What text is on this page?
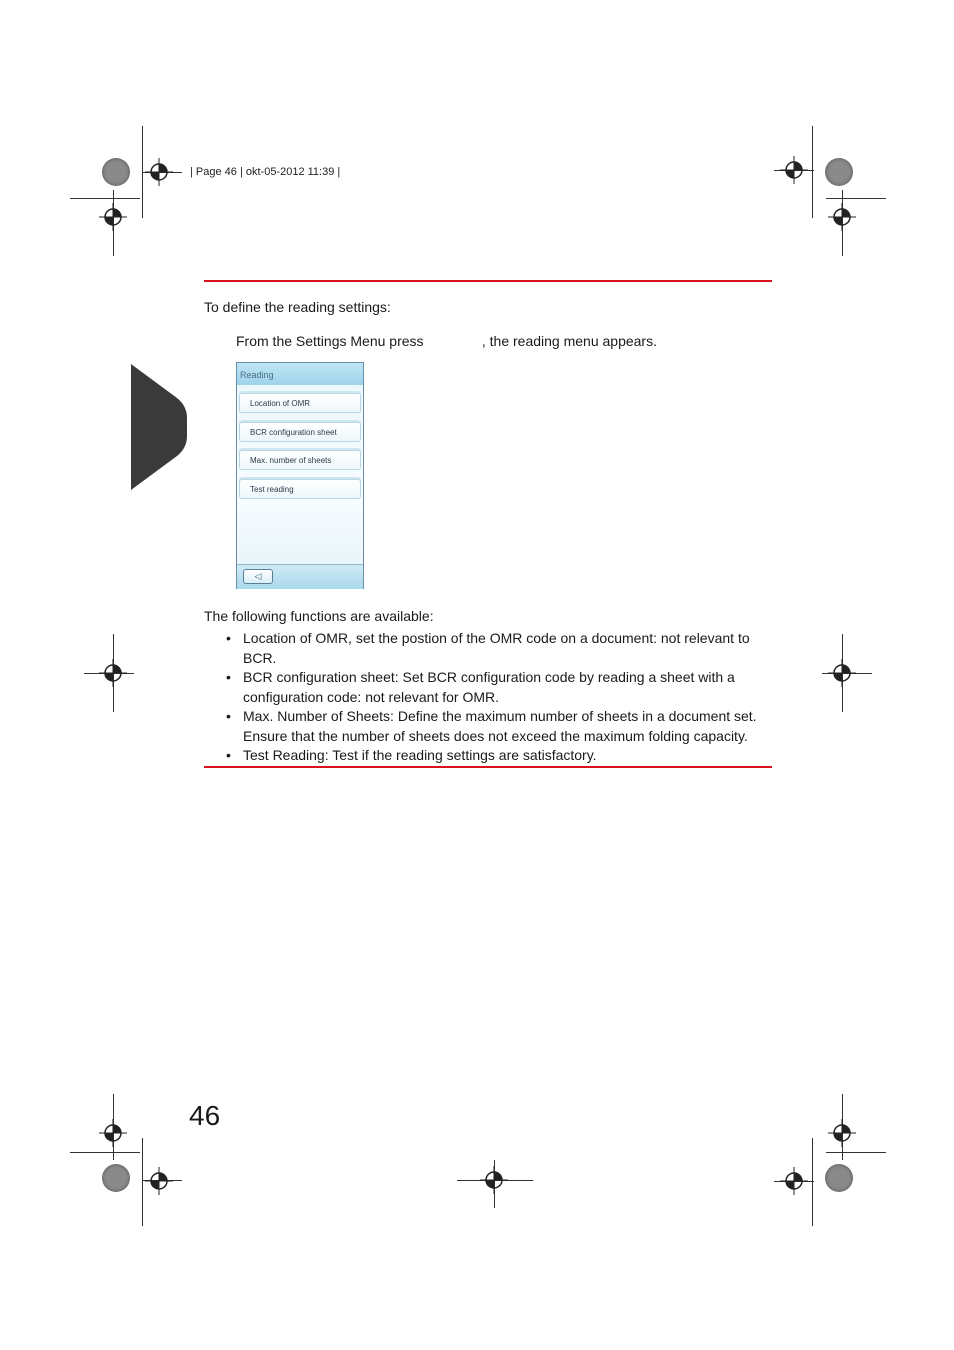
| Page 46 | okt-05-2012 11:39 |
To define the reading settings:
From the Settings Menu press               , the reading menu appears.
Reading
Location of OMR
BCR configuration sheet
Max. number of sheets
Test reading
◁
The following functions are available:
• Location of OMR, set the postion of the OMR code on a document: not relevant to BCR.
• BCR configuration sheet: Set BCR configuration code by reading a sheet with a configuration code: not relevant for OMR.
• Max. Number of Sheets: Define the maximum number of sheets in a document set. Ensure that the number of sheets does not exceed the maximum folding capacity.
• Test Reading: Test if the reading settings are satisfactory.
46
